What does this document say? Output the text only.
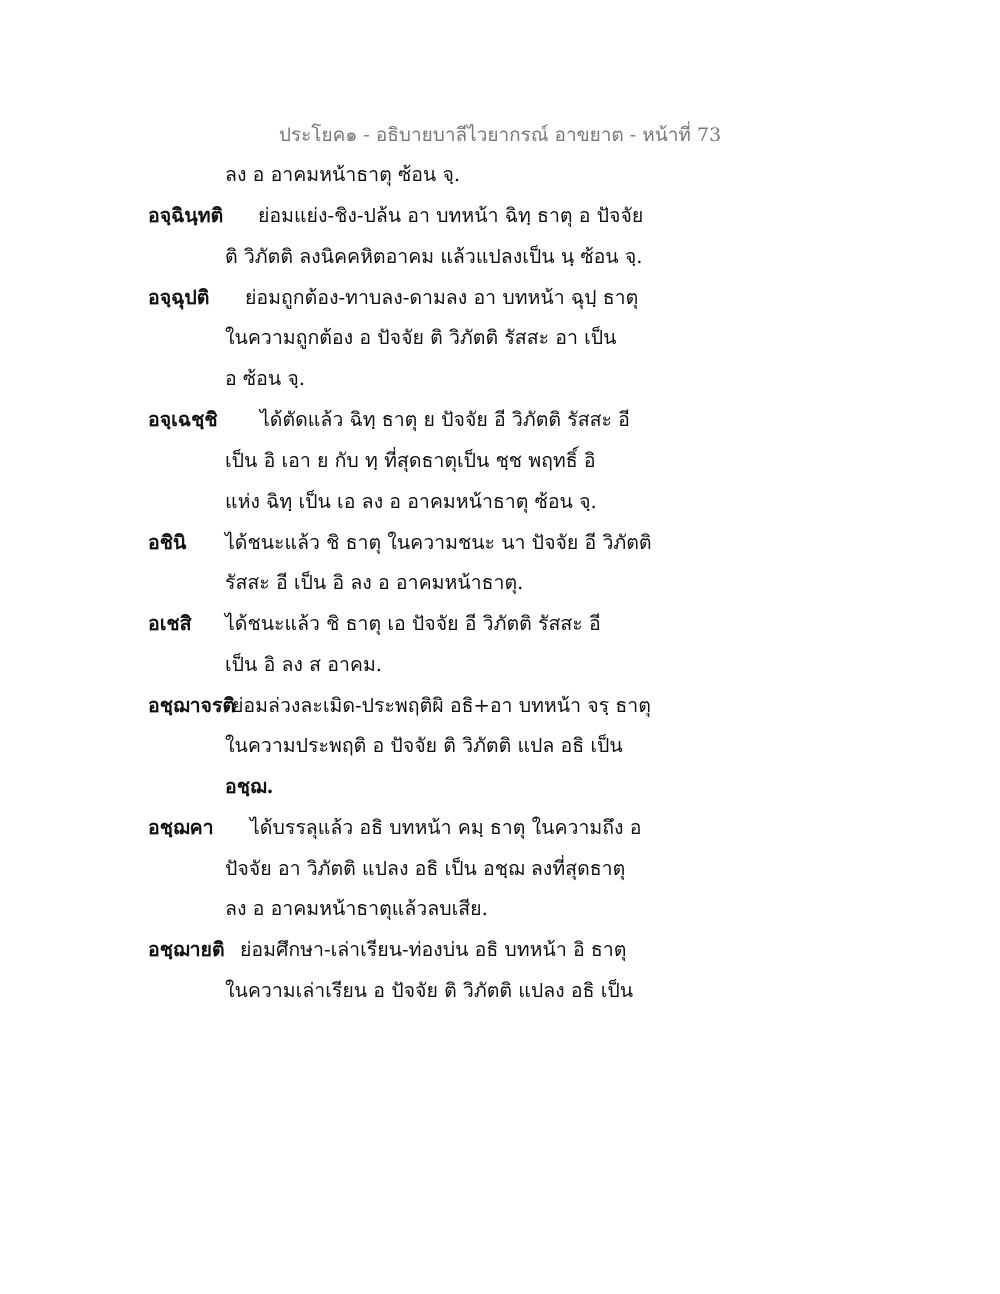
ประโยค๑ - อธิบายบาลีไวยากรณ์ อาขยาต - หน้าที่ 73
ลง อ อาคมหน้าธาตุ ซ้อน จฺ.
อจฺฉินฺทติ ย่อมแย่ง-ชิง-ปล้น อา บทหน้า ฉิทฺ ธาตุ อ ปัจจัย
ติ วิภัตติ ลงนิคคหิตอาคม แล้วแปลงเป็น นฺ ซ้อน จฺ.
อจฺฉุปติ ย่อมถูกต้อง-ทาบลง-ดามลง อา บทหน้า ฉุปฺ ธาตุ
ในความถูกต้อง อ ปัจจัย ติ วิภัตติ รัสสะ อา เป็น
อ ซ้อน จฺ.
อจฺเฉชฺชิ ได้ตัดแล้ว ฉิทฺ ธาตุ ย ปัจจัย อี วิภัตติ รัสสะ อี
เป็น อิ เอา ย กับ ทฺ ที่สุดธาตุเป็น ชฺช พฤทธิ์ อิ
แห่ง ฉิทฺ เป็น เอ ลง อ อาคมหน้าธาตุ ซ้อน จฺ.
อชินิ ได้ชนะแล้ว ชิ ธาตุ ในความชนะ นา ปัจจัย อี วิภัตติ
รัสสะ อี เป็น อิ ลง อ อาคมหน้าธาตุ.
อเชสิ ได้ชนะแล้ว ชิ ธาตุ เอ ปัจจัย อี วิภัตติ รัสสะ อี
เป็น อิ ลง ส อาคม.
อชฺฌาจรติ
ย่อมล่วงละเมิด-ประพฤติผิ อธิ+อา บทหน้า จรฺ ธาตุ
ในความประพฤติ อ ปัจจัย ติ วิภัตติ แปล อธิ เป็น
อชฺฌ.
อชฺฌคา ได้บรรลุแล้ว อธิ บทหน้า คมฺ ธาตุ ในความถึง อ
ปัจจัย อา วิภัตติ แปลง อธิ เป็น อชฺฌ ลงที่สุดธาตุ
ลง อ อาคมหน้าธาตุแล้วลบเสีย.
อชฺฌายติ ย่อมศึกษา-เล่าเรียน-ท่องบ่น อธิ บทหน้า อิ ธาตุ
ในความเล่าเรียน อ ปัจจัย ติ วิภัตติ แปลง อธิ เป็น
